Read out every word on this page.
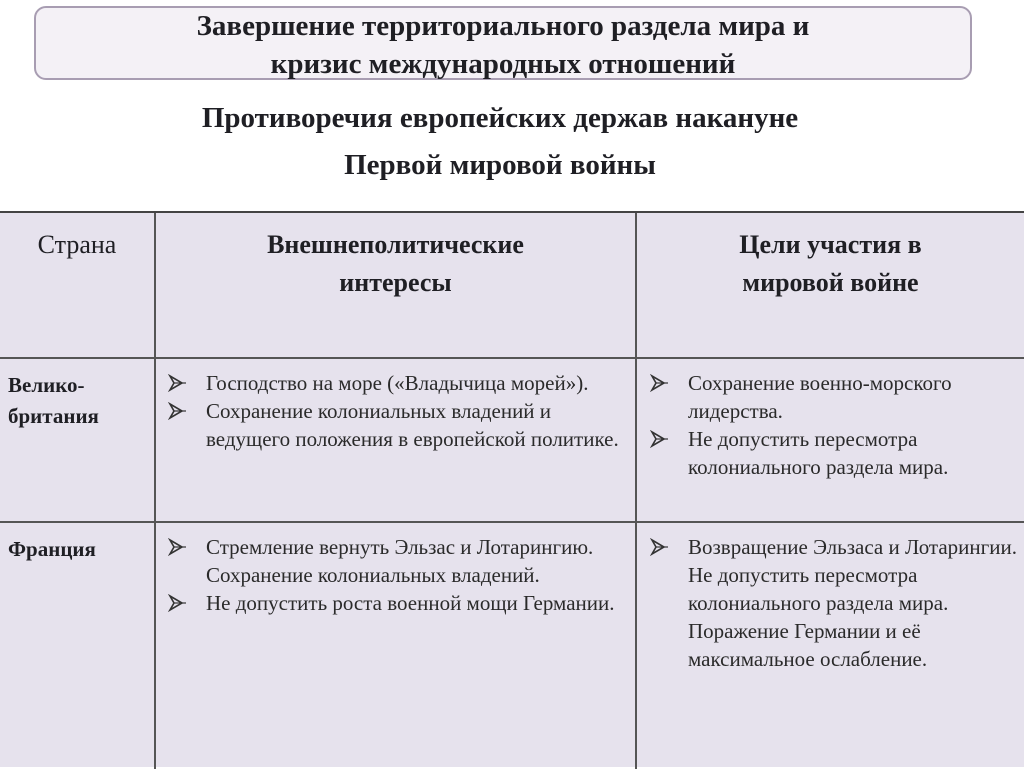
Завершение территориального раздела мира и
кризис международных отношений
Противоречия европейских держав накануне
Первой мировой войны
Страна	Внешнеполитические интересы
Цели участия в мировой войне
Велико-британия
Франция
Господство на море («Владычица морей»).
Сохранение колониальных владений и ведущего положения в европейской политике.
Сохранение военно-морского лидерства.
Не допустить пересмотра колониального раздела мира.
Стремление вернуть Эльзас и Лотарингию. Сохранение колониальных владений.
Не допустить роста военной мощи Германии.
Возвращение Эльзаса и Лотарингии. Не допустить пересмотра колониального раздела мира. Поражение Германии и её максимальное ослабление.
